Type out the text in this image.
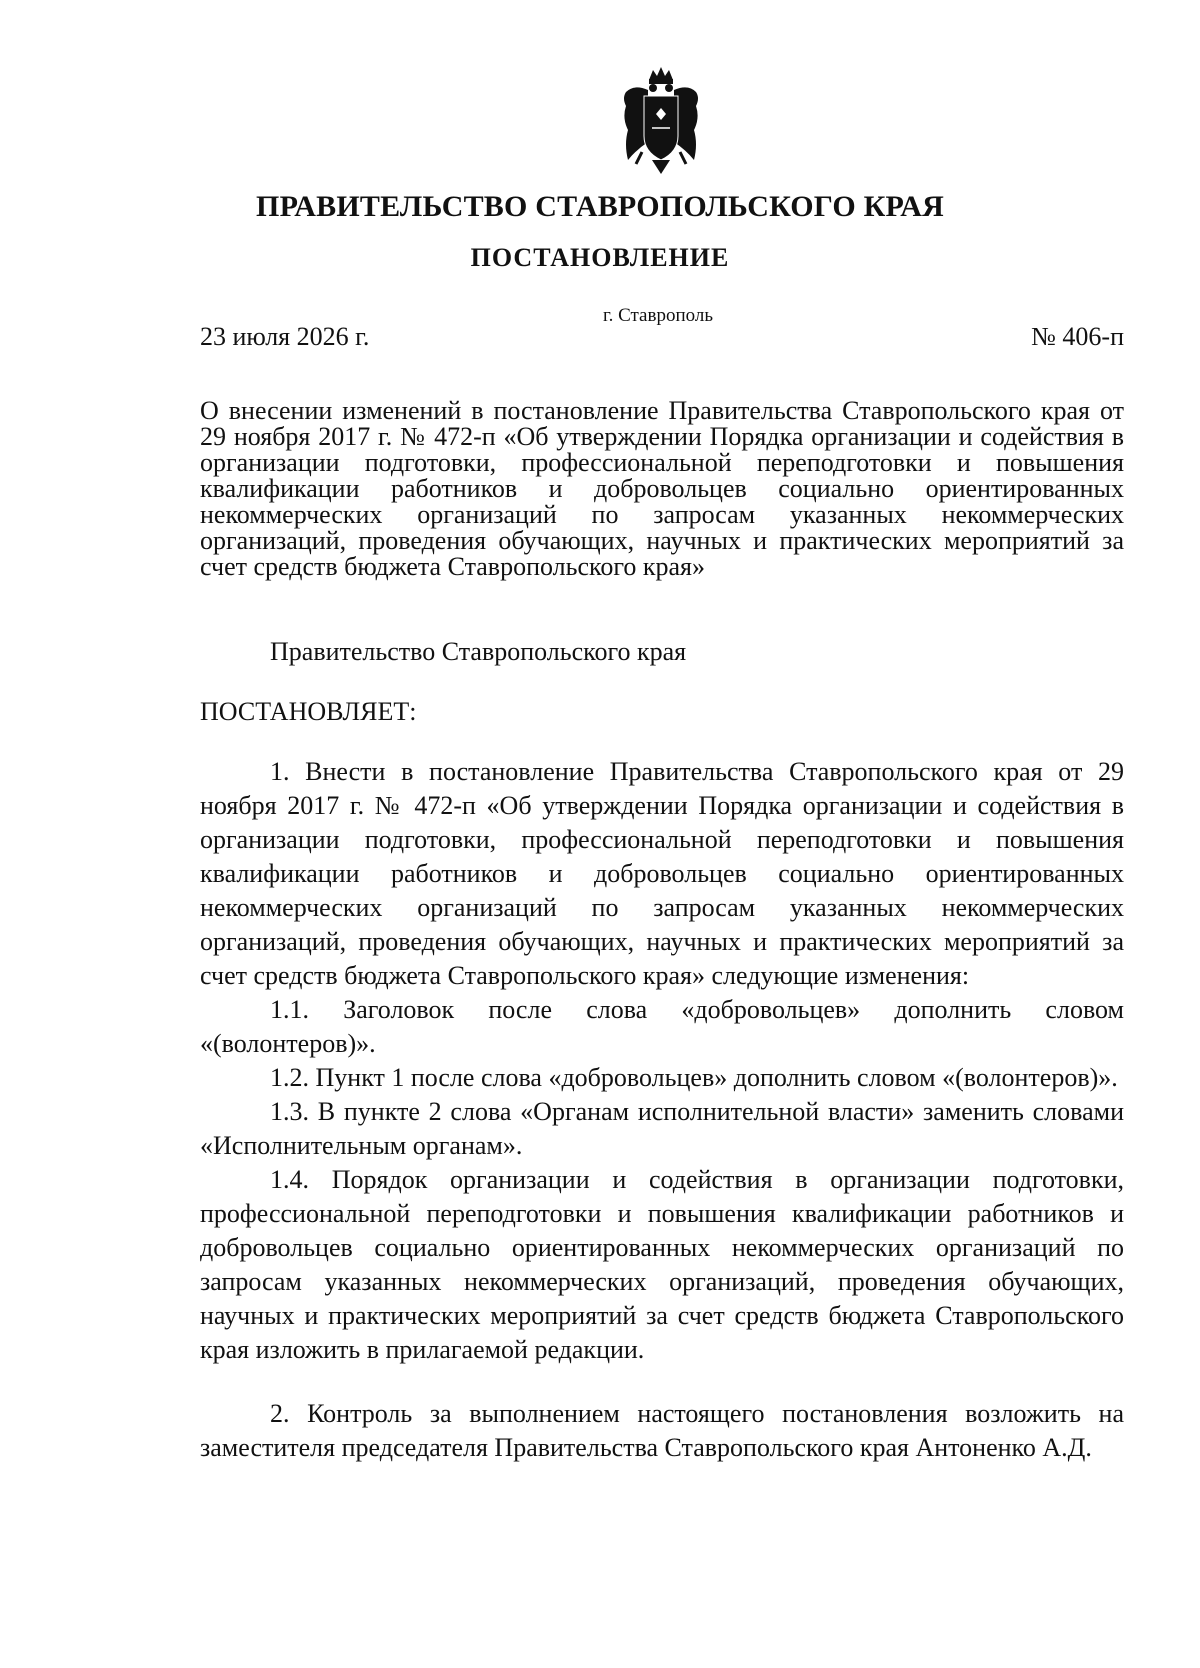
ПРАВИТЕЛЬСТВО СТАВРОПОЛЬСКОГО КРАЯ
ПОСТАНОВЛЕНИЕ
г. Ставрополь
23 июля 2026 г.	№ 406-п

О внесении изменений в постановление Правительства Ставропольского края от 29 ноября 2017 г. № 472-п «Об утверждении Порядка организации и содействия в организации подготовки, профессиональной переподготовки и повышения квалификации работников и добровольцев социально ориентированных некоммерческих организаций по запросам указанных некоммерческих организаций, проведения обучающих, научных и практических мероприятий за счет средств бюджета Ставропольского края»

Правительство Ставропольского края

ПОСТАНОВЛЯЕТ:

1. Внести в постановление Правительства Ставропольского края от 29 ноября 2017 г. № 472-п «Об утверждении Порядка организации и содействия в организации подготовки, профессиональной переподготовки и повышения квалификации работников и добровольцев социально ориентированных некоммерческих организаций по запросам указанных некоммерческих организаций, проведения обучающих, научных и практических мероприятий за счет средств бюджета Ставропольского края» следующие изменения:

1.1. Заголовок после слова «добровольцев» дополнить словом «(волонтеров)».

1.2. Пункт 1 после слова «добровольцев» дополнить словом «(волонтеров)».

1.3. В пункте 2 слова «Органам исполнительной власти» заменить словами «Исполнительным органам».

1.4. Порядок организации и содействия в организации подготовки, профессиональной переподготовки и повышения квалификации работников и добровольцев социально ориентированных некоммерческих организаций по запросам указанных некоммерческих организаций, проведения обучающих, научных и практических мероприятий за счет средств бюджета Ставропольского края изложить в прилагаемой редакции.

2. Контроль за выполнением настоящего постановления возложить на заместителя председателя Правительства Ставропольского края Антоненко А.Д.
